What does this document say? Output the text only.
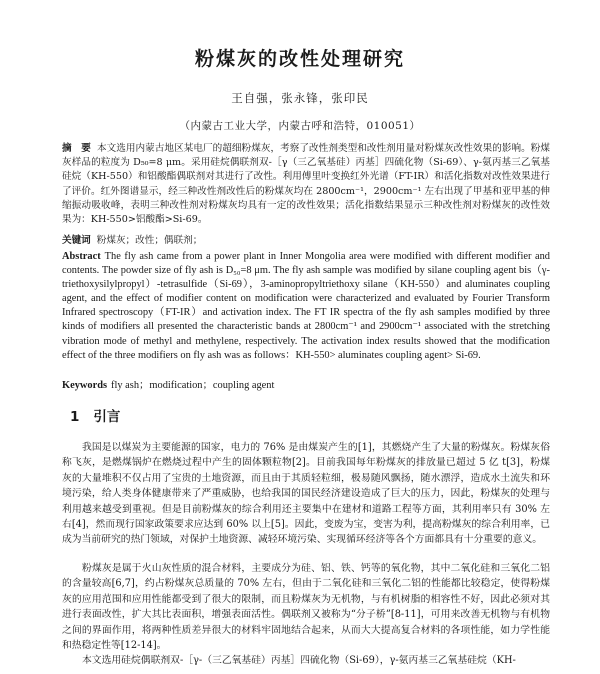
粉煤灰的改性处理研究
王自强，张永锋，张印民
（内蒙古工业大学，内蒙古呼和浩特，010051）
摘　要 本文选用内蒙古地区某电厂的超细粉煤灰，考察了改性剂类型和改性剂用量对粉煤灰改性效果的影响。粉煤灰样品的粒度为 D₅₀=8 μm。采用硅烷偶联剂双-［γ（三乙氧基硅）丙基］四硫化物（Si-69）、γ-氨丙基三乙氧基硅烷（KH-550）和铝酸酯偶联剂对其进行了改性。利用傅里叶变换红外光谱（FT-IR）和活化指数对改性效果进行了评价。红外图谱显示，经三种改性剂改性后的粉煤灰均在 2800cm⁻¹，2900cm⁻¹ 左右出现了甲基和亚甲基的伸缩振动吸收峰，表明三种改性剂对粉煤灰均具有一定的改性效果；活化指数结果显示三种改性剂对粉煤灰的改性效果为：KH-550>铝酸酯>Si-69。
关键词 粉煤灰；改性；偶联剂；
Abstract The fly ash came from a power plant in Inner Mongolia area were modified with different modifier and contents. The powder size of fly ash is D₅₀=8 μm. The fly ash sample was modified by silane coupling agent bis（γ-triethoxysilylpropyl）-tetrasulfide（Si-69），3-aminopropyltriethoxy silane（KH-550）and aluminates coupling agent, and the effect of modifier content on modification were characterized and evaluated by Fourier Transform Infrared spectroscopy（FT-IR）and activation index. The FT IR spectra of the fly ash samples modified by three kinds of modifiers all presented the characteristic bands at 2800cm⁻¹ and 2900cm⁻¹ associated with the stretching vibration mode of methyl and methylene, respectively. The activation index results showed that the modification effect of the three modifiers on fly ash was as follows：KH-550> aluminates coupling agent> Si-69.
Keywords fly ash；modification；coupling agent
1 引言
我国是以煤炭为主要能源的国家，电力的 76% 是由煤炭产生的[1]，其燃烧产生了大量的粉煤灰。粉煤灰俗称飞灰，是燃煤锅炉在燃烧过程中产生的固体颗粒物[2]。目前我国每年粉煤灰的排放量已超过 5 亿 t[3]，粉煤灰的大量堆积不仅占用了宝贵的土地资源，而且由于其质轻粒细，极易随风飘扬，随水漂浮，造成水土流失和环境污染，给人类身体健康带来了严重威胁，也给我国的国民经济建设造成了巨大的压力，因此，粉煤灰的处理与利用越来越受到重视。但是目前粉煤灰的综合利用还主要集中在建材和道路工程等方面，其利用率只有 30% 左右[4]，然而现行国家政策要求应达到 60% 以上[5]。因此，变废为宝，变害为利，提高粉煤灰的综合利用率，已成为当前研究的热门领域，对保护土地资源、减轻环境污染、实现循环经济等各个方面都具有十分重要的意义。
粉煤灰是属于火山灰性质的混合材料，主要成分为硅、铝、铁、钙等的氧化物，其中二氧化硅和三氧化二铝的含量较高[6,7]，约占粉煤灰总质量的 70% 左右，但由于二氧化硅和三氧化二铝的性能都比较稳定，使得粉煤灰的应用范围和应用性能都受到了很大的限制，而且粉煤灰为无机物，与有机树脂的相容性不好，因此必须对其进行表面改性，扩大其比表面积，增强表面活性。偶联剂又被称为“分子桥”[8-11]，可用来改善无机物与有机物之间的界面作用，将两种性质差异很大的材料牢固地结合起来，从而大大提高复合材料的各项性能，如力学性能和热稳定性等[12-14]。
本文选用硅烷偶联剂双-［γ-（三乙氧基硅）丙基］四硫化物（Si-69），γ-氨丙基三乙氧基硅烷（KH-
